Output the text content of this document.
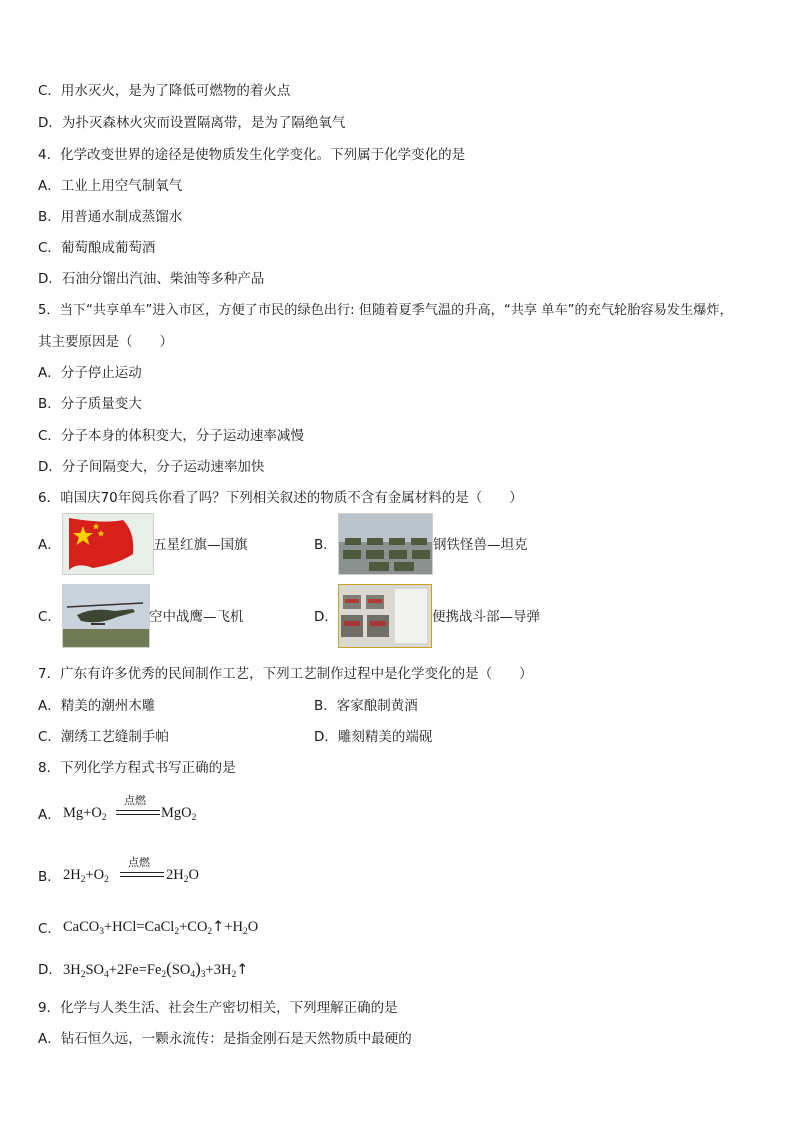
C．用水灭火，是为了降低可燃物的着火点
D．为扑灭森林火灾而设置隔离带，是为了隔绝氧气
4．化学改变世界的途径是使物质发生化学变化。下列属于化学变化的是
A．工业上用空气制氧气
B．用普通水制成蒸馏水
C．葡萄酿成葡萄酒
D．石油分馏出汽油、柴油等多种产品
5．当下“共享单车”进入市区，方便了市民的绿色出行: 但随着夏季气温的升高，“共享 单车”的充气轮胎容易发生爆炸，
其主要原因是（　　）
A．分子停止运动
B．分子质量变大
C．分子本身的体积变大，分子运动速率减慢
D．分子间隔变大，分子运动速率加快
6．咱国庆70年阅兵你看了吗？下列相关叙述的物质不含有金属材料的是（　　）
A．	五星红旗—国旗	B．	钢铁怪兽—坦克
C．	空中战鹰—飞机	D．	便携战斗部—导弹
7．广东有许多优秀的民间制作工艺，下列工艺制作过程中是化学变化的是（　　）
A．精美的潮州木雕	B．客家酿制黄酒
C．潮绣工艺缝制手帕	D．雕刻精美的端砚
8．下列化学方程式书写正确的是
A． $Mg+O_2$
点燃
MgO$_2$
B． $2H_2+O_2$
点燃
$2H_2O$
C． $CaCO_3+HCl=CaCl_2+CO_2↑+H_2O$
D． $3H_2SO_4+2Fe=Fe_2(SO_4)_3+3H_2↑$
9．化学与人类生活、社会生产密切相关，下列理解正确的是
A．钻石恒久远，一颗永流传：是指金刚石是天然物质中最硬的
